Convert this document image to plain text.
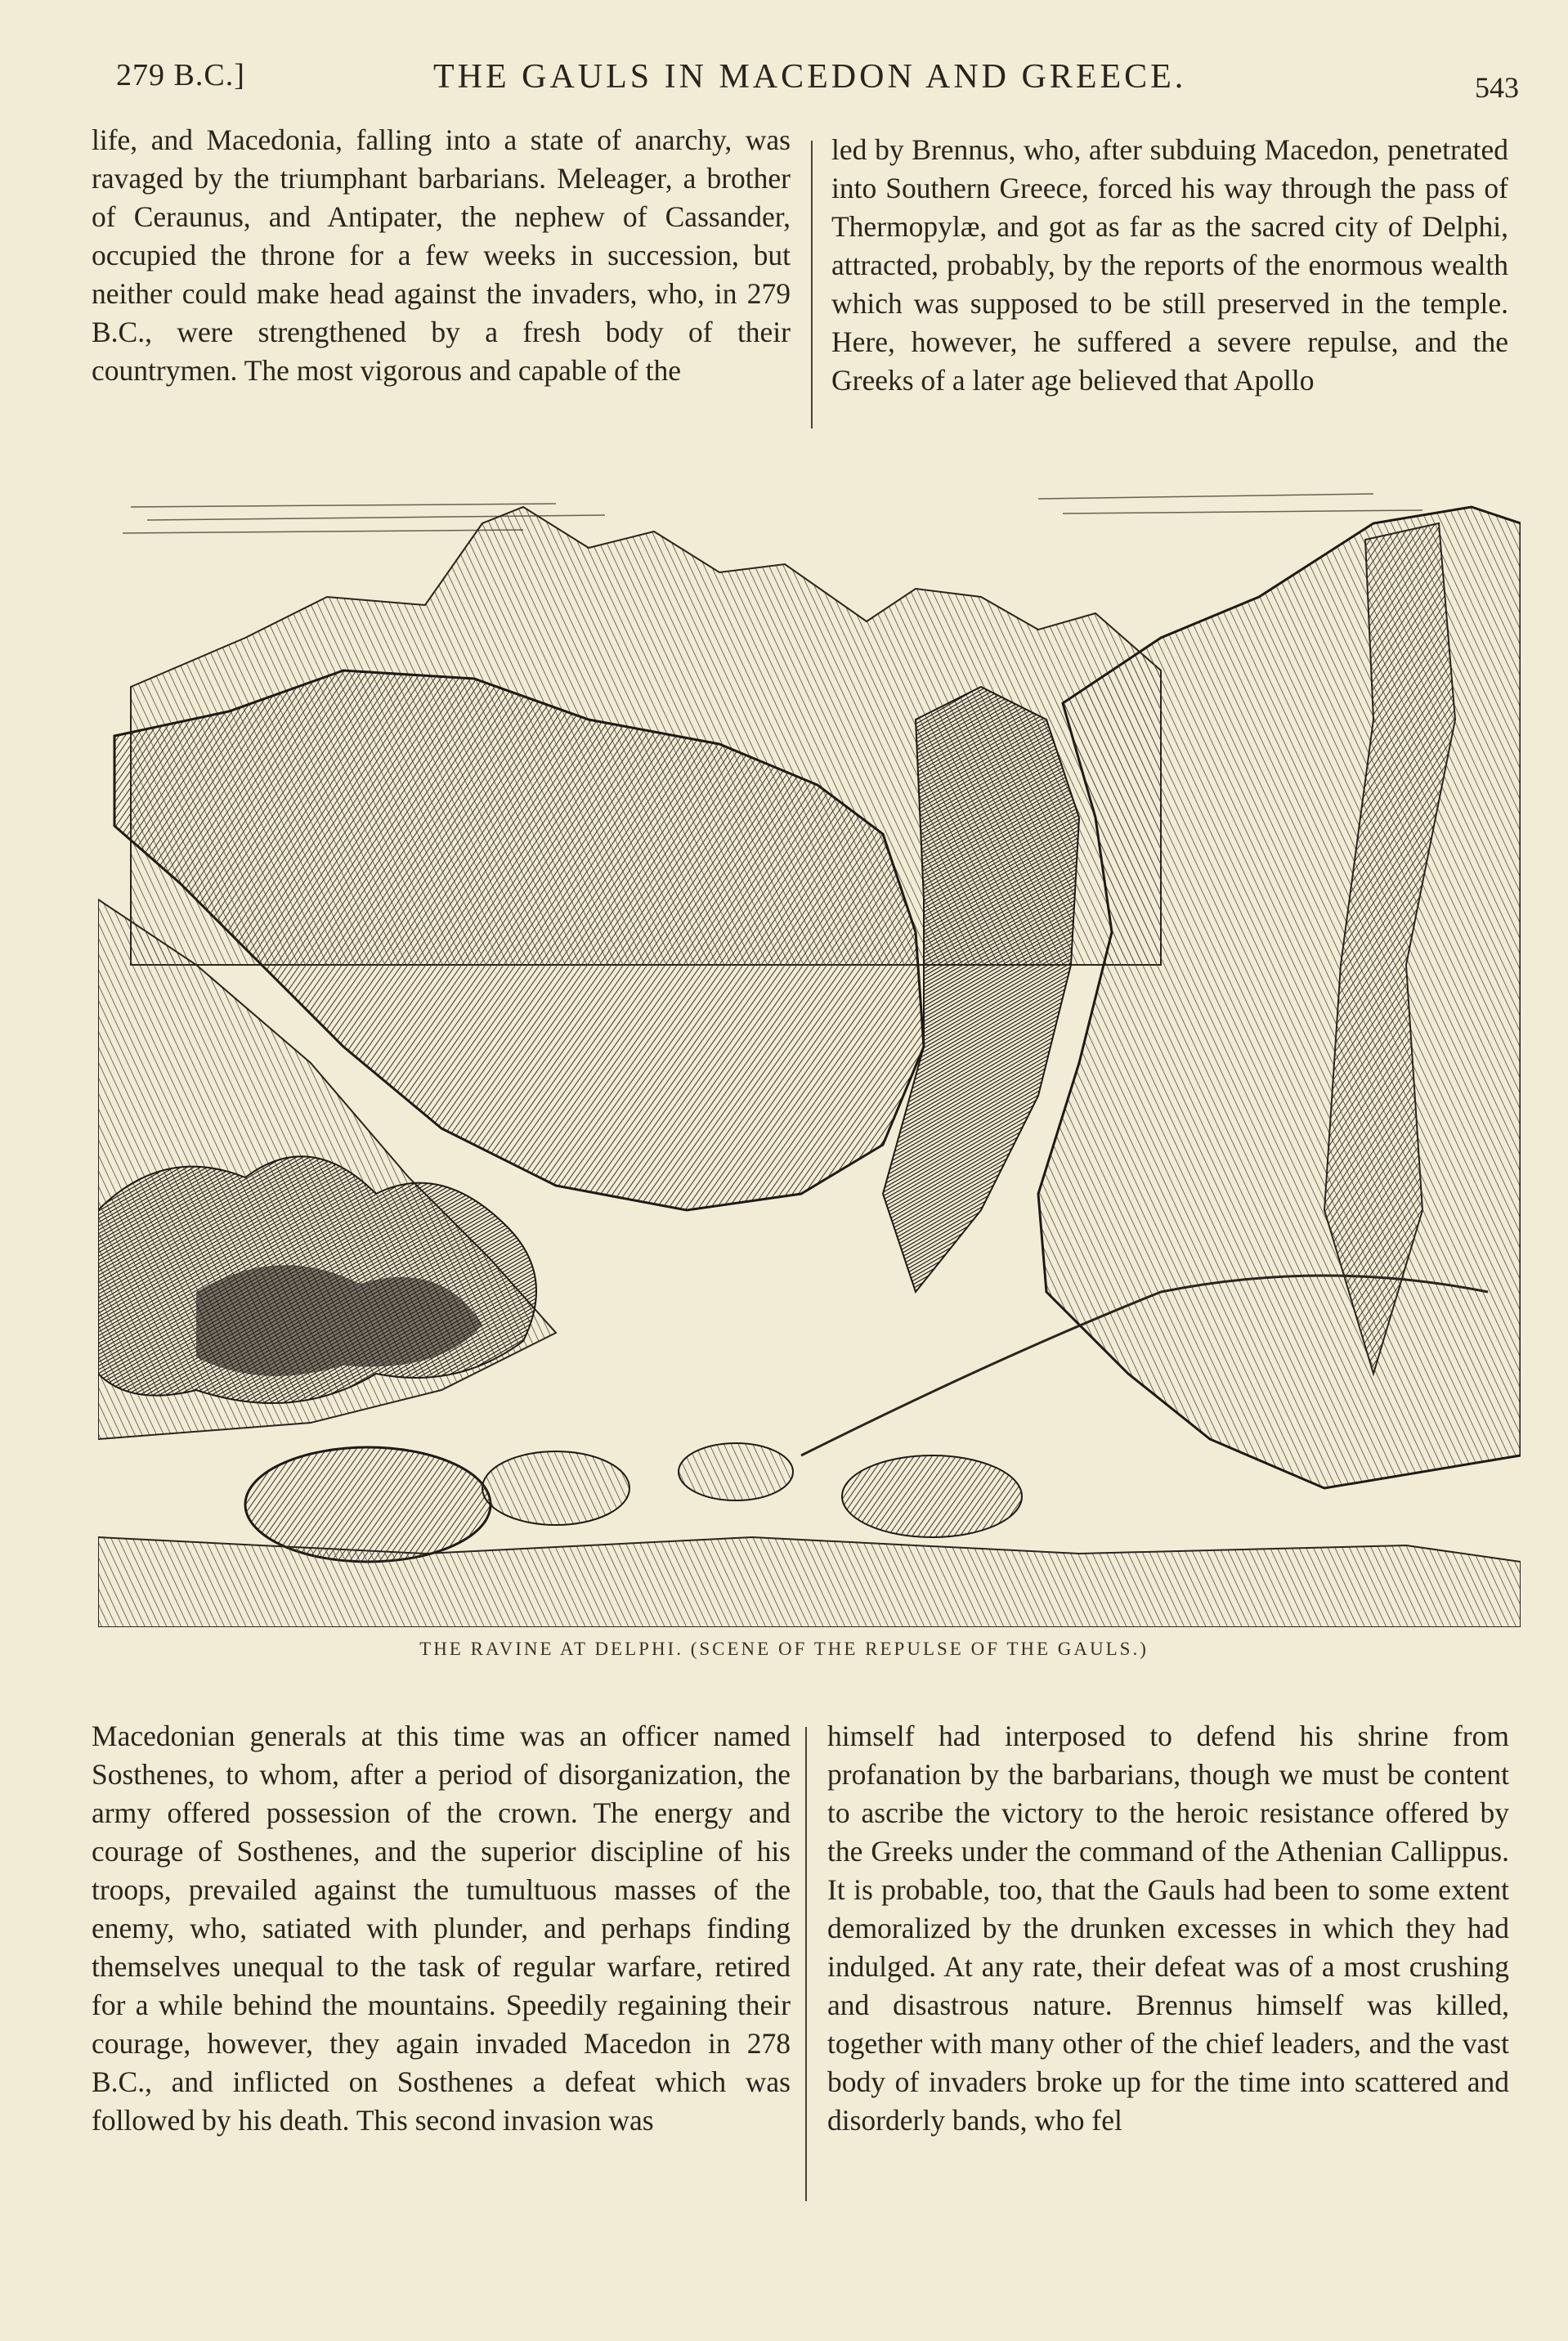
279 B.C.]	THE GAULS IN MACEDON AND GREECE.	543
life, and Macedonia, falling into a state of anarchy, was ravaged by the triumphant barbarians. Meleager, a brother of Ceraunus, and Antipater, the nephew of Cassander, occupied the throne for a few weeks in succession, but neither could make head against the invaders, who, in 279 B.C., were strengthened by a fresh body of their countrymen. The most vigorous and capable of the
led by Brennus, who, after subduing Macedon, penetrated into Southern Greece, forced his way through the pass of Thermopylæ, and got as far as the sacred city of Delphi, attracted, probably, by the reports of the enormous wealth which was supposed to be still preserved in the temple. Here, however, he suffered a severe repulse, and the Greeks of a later age believed that Apollo
THE RAVINE AT DELPHI. (SCENE OF THE REPULSE OF THE GAULS.)
Macedonian generals at this time was an officer named Sosthenes, to whom, after a period of disorganization, the army offered possession of the crown. The energy and courage of Sosthenes, and the superior discipline of his troops, prevailed against the tumultuous masses of the enemy, who, satiated with plunder, and perhaps finding themselves unequal to the task of regular warfare, retired for a while behind the mountains. Speedily regaining their courage, however, they again invaded Macedon in 278 B.C., and inflicted on Sosthenes a defeat which was followed by his death. This second invasion was
himself had interposed to defend his shrine from profanation by the barbarians, though we must be content to ascribe the victory to the heroic resistance offered by the Greeks under the command of the Athenian Callippus. It is probable, too, that the Gauls had been to some extent demoralized by the drunken excesses in which they had indulged. At any rate, their defeat was of a most crushing and disastrous nature. Brennus himself was killed, together with many other of the chief leaders, and the vast body of invaders broke up for the time into scattered and disorderly bands, who fel
